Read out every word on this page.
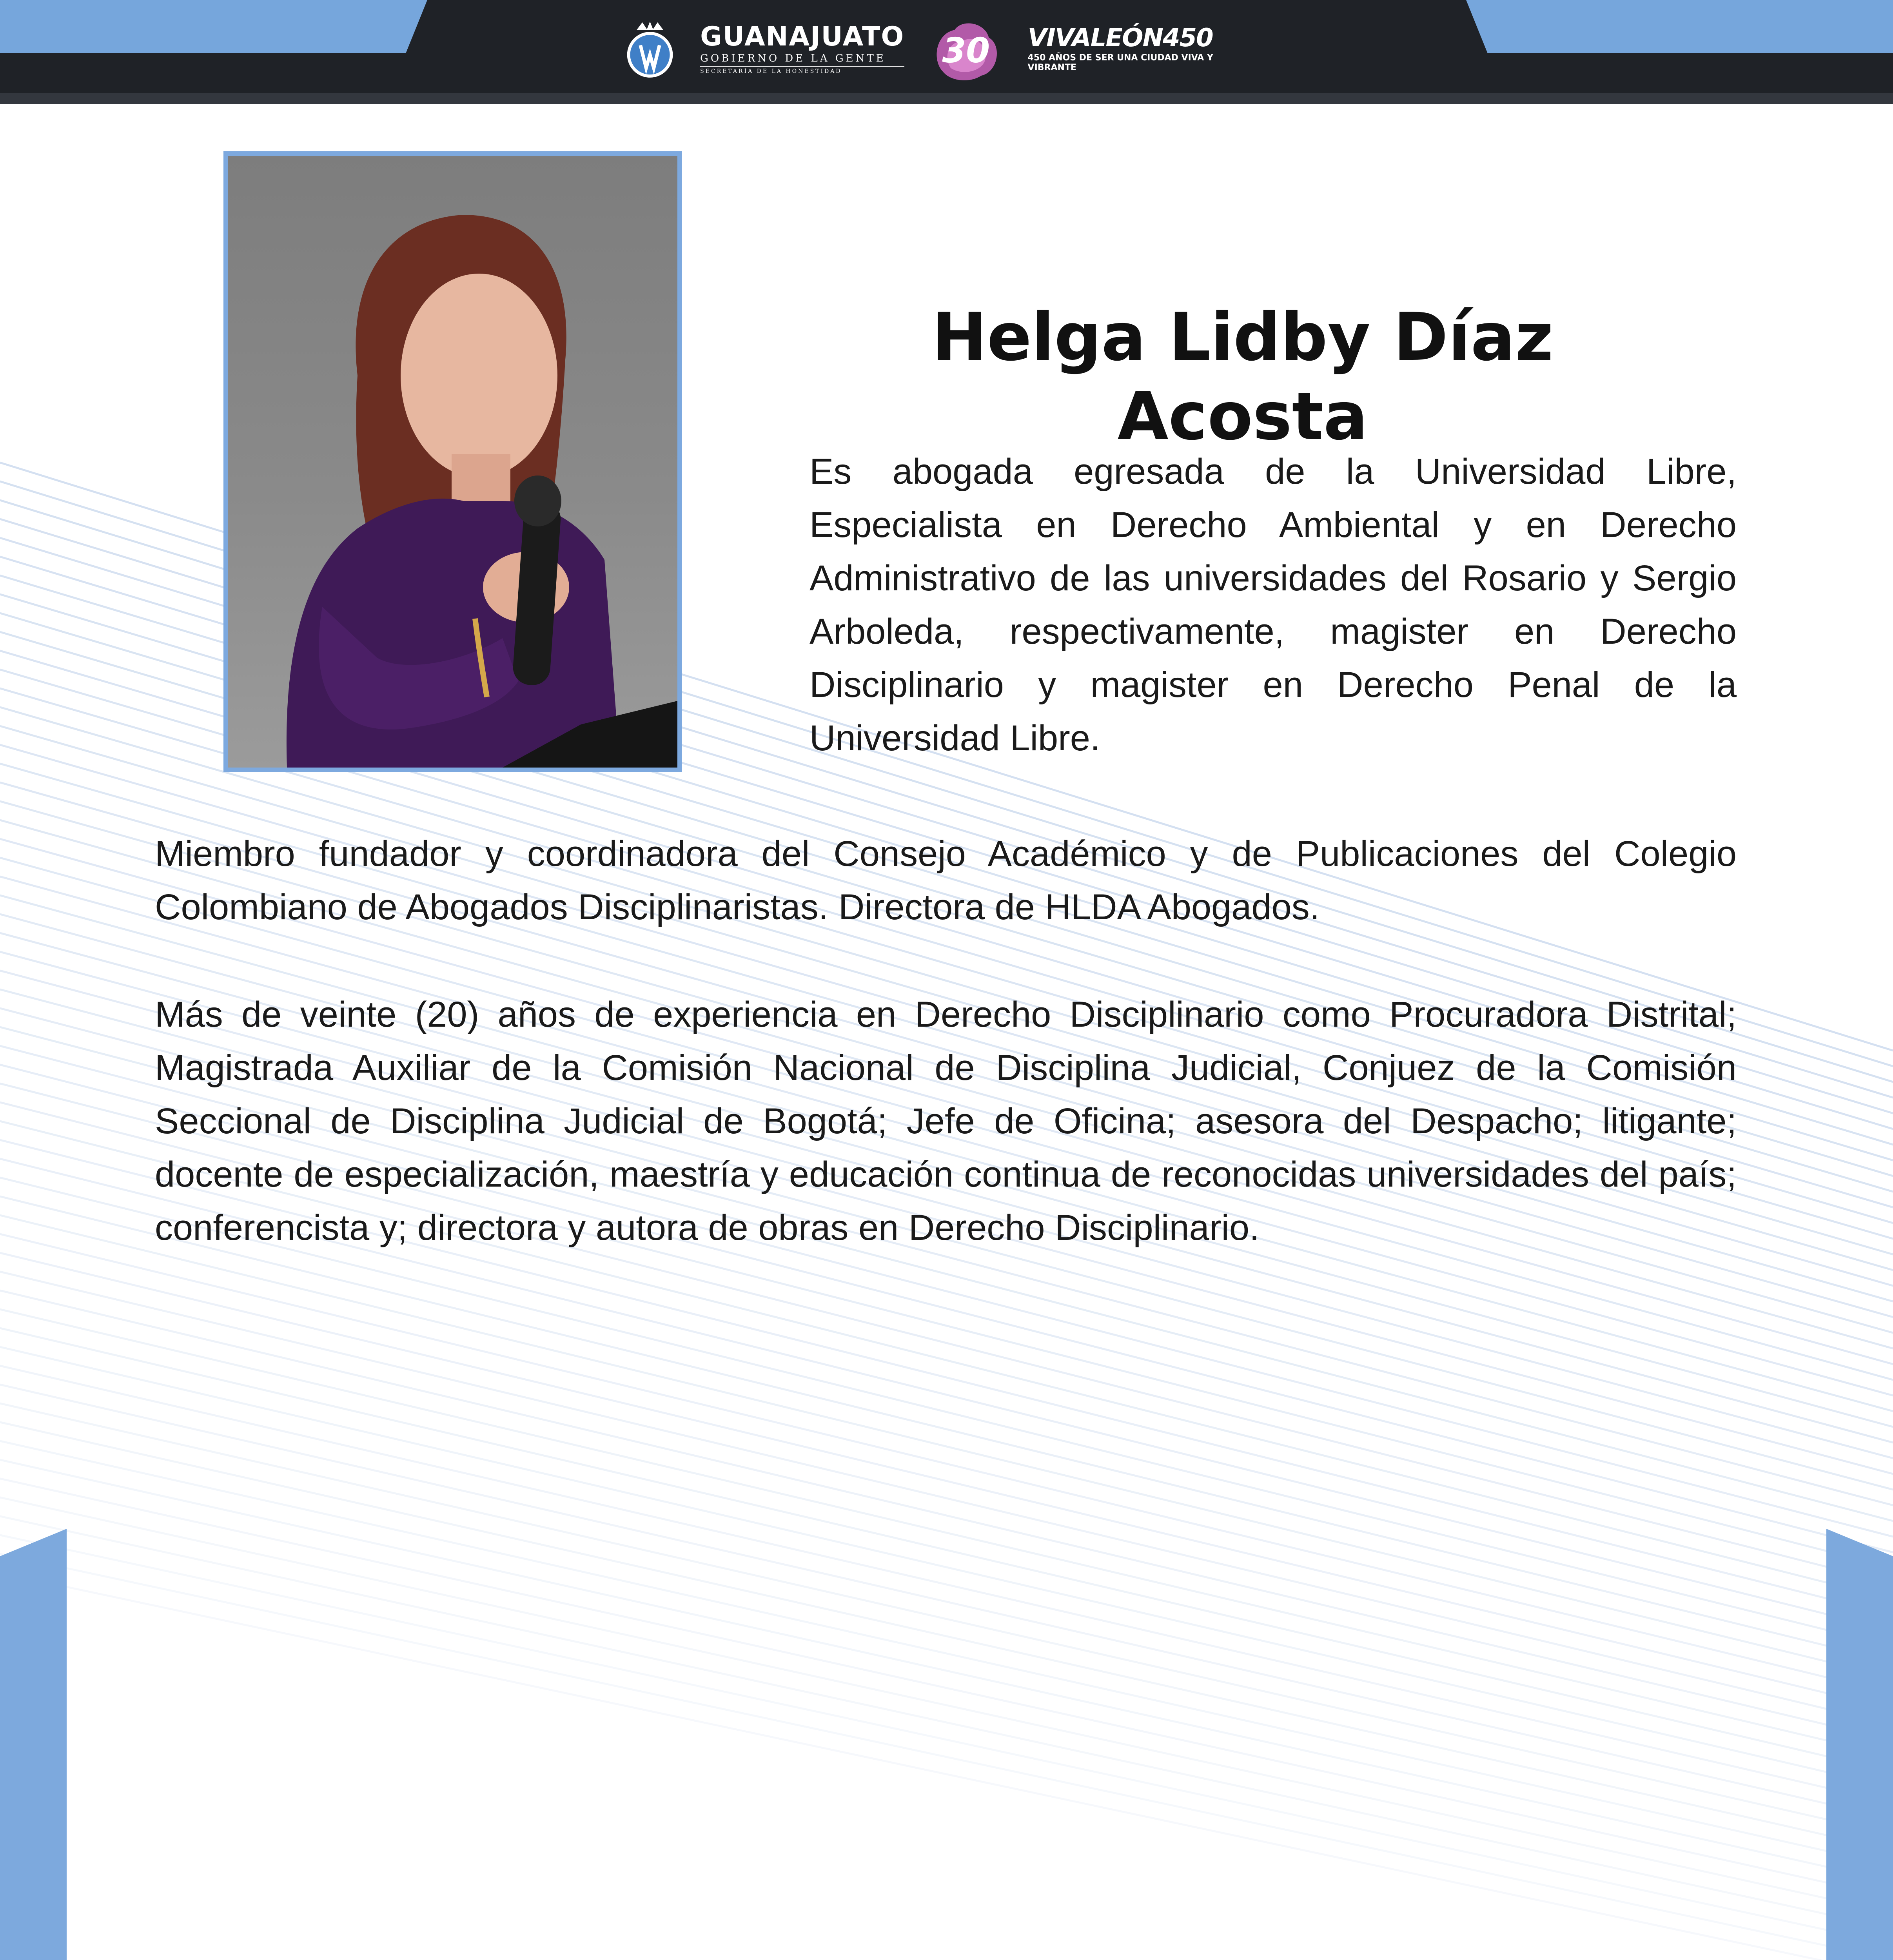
GUANAJUATO
GOBIERNO DE LA GENTE
SECRETARÍA DE LA HONESTIDAD
30 VIVALEÓN450
450 AÑOS DE SER UNA CIUDAD VIVA Y VIBRANTE
Helga Lidby Díaz Acosta

Es abogada egresada de la Universidad Libre, Especialista en Derecho Ambiental y en Derecho Administrativo de las universidades del Rosario y Sergio Arboleda, respectivamente, magister en Derecho Disciplinario y magister en Derecho Penal de la Universidad Libre.

Miembro fundador y coordinadora del Consejo Académico y de Publicaciones del Colegio Colombiano de Abogados Disciplinaristas. Directora de HLDA Abogados.

Más de veinte (20) años de experiencia en Derecho Disciplinario como Procuradora Distrital; Magistrada Auxiliar de la Comisión Nacional de Disciplina Judicial, Conjuez de la Comisión Seccional de Disciplina Judicial de Bogotá; Jefe de Oficina; asesora del Despacho; litigante; docente de especialización, maestría y educación continua de reconocidas universidades del país; conferencista y; directora y autora de obras en Derecho Disciplinario.
